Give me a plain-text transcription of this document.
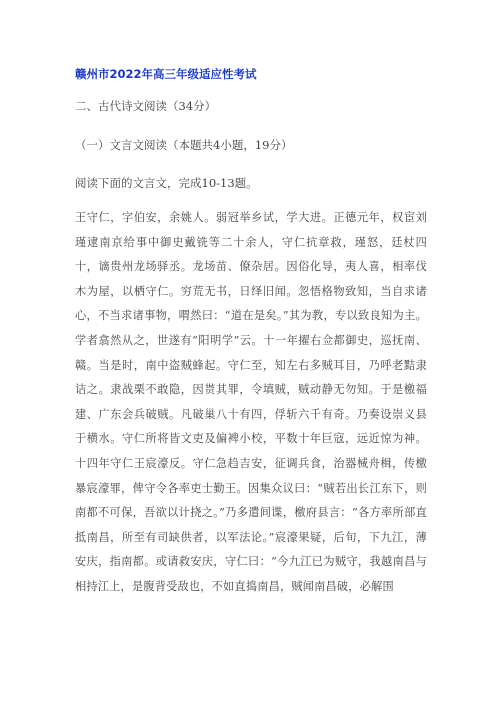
赣州市2022年高三年级适应性考试

二、古代诗文阅读（34分）

（一）文言文阅读（本题共4小题，19分）

阅读下面的文言文，完成10-13题。

王守仁，字伯安，余姚人。弱冠举乡试，学大进。正德元年，权宦刘瑾逮南京给事中御史戴铣等二十余人，守仁抗章救，瑾怒，廷杖四十，谪贵州龙场驿丞。龙场苗、僚杂居。因俗化导，夷人喜，相率伐木为屋，以栖守仁。穷荒无书，日绎旧闻。忽悟格物致知，当自求诸心，不当求诸事物，喟然曰：“道在是矣。”其为教，专以致良知为主。学者翕然从之，世遂有“阳明学”云。十一年擢右佥都御史，巡抚南、赣。当是时，南中盗贼蜂起。守仁至，知左右多贼耳目，乃呼老黠隶诘之。隶战栗不敢隐，因贳其罪，令填贼，贼动静无勿知。于是檄福建、广东会兵破贼。凡破巢八十有四，俘斩六千有奇。乃奏设崇义县于横水。守仁所将皆文吏及偏裨小校，平数十年巨寇，远近惊为神。十四年守仁王宸濠反。守仁急趋吉安，征调兵食，治器械舟楫，传檄暴宸濠罪，俾守令各率吏士勤王。因集众议曰：“贼若出长江东下，则南都不可保，吾欲以计挠之。”乃多遣间谍，檄府县言：“各方率所部直抵南昌，所至有司缺供者，以军法论。”宸濠果疑，后旬，下九江，薄安庆，指南都。或请救安庆，守仁曰：“今九江已为贼守，我越南昌与相持江上，是腹背受敌也，不如直捣南昌，贼闻南昌破，必解围
